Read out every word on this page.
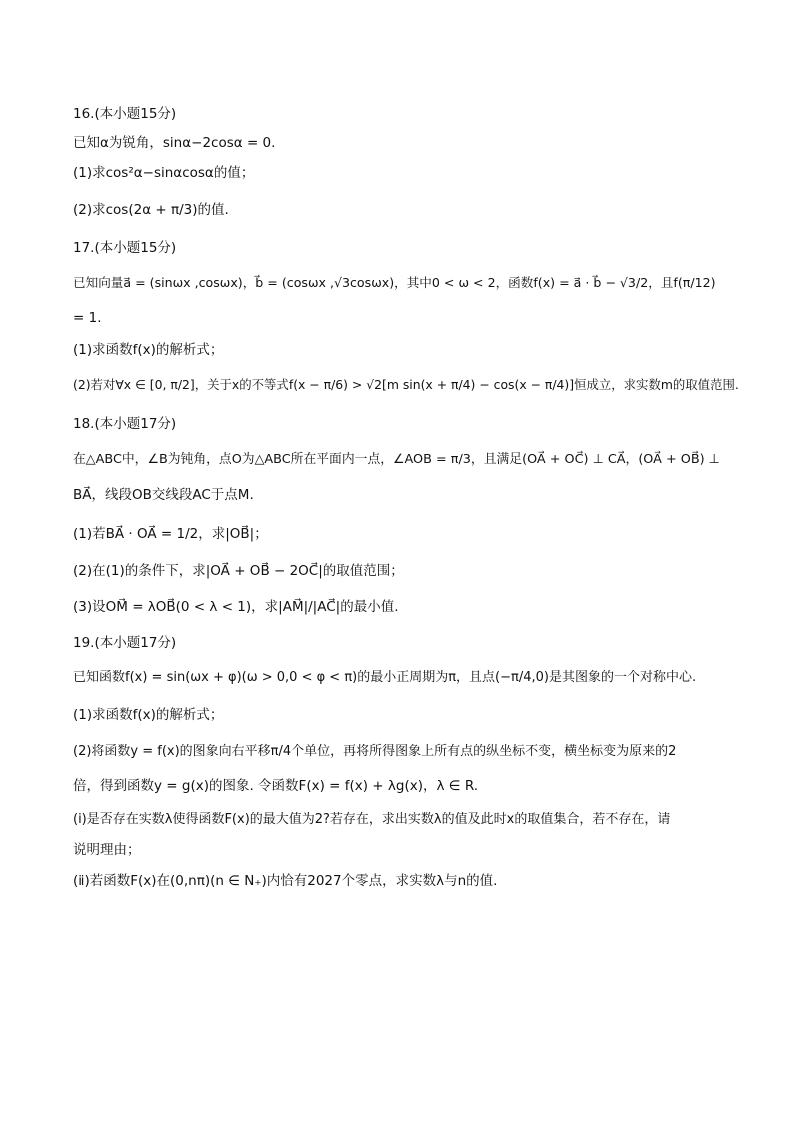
16.(本小题15分)
已知α为锐角，sinα−2cosα = 0.
(1)求cos²α−sinαcosα的值；
(2)求cos(2α + π/3)的值.
17.(本小题15分)
已知向量a⃗ = (sinωx ,cosωx)，b⃗ = (cosωx ,√3cosωx)，其中0 < ω < 2，函数f(x) = a⃗ · b⃗ − √3/2，且f(π/12)
= 1.
(1)求函数f(x)的解析式；
(2)若对∀x ∈ [0, π/2]，关于x的不等式f(x − π/6) > √2[m sin(x + π/4) − cos(x − π/4)]恒成立，求实数m的取值范围.
18.(本小题17分)
在△ABC中，∠B为钝角，点O为△ABC所在平面内一点，∠AOB = π/3，且满足(OA⃗ + OC⃗) ⊥ CA⃗，(OA⃗ + OB⃗) ⊥
BA⃗，线段OB交线段AC于点M.
(1)若BA⃗ · OA⃗ = 1/2，求|OB⃗|；
(2)在(1)的条件下，求|OA⃗ + OB⃗ − 2OC⃗|的取值范围；
(3)设OM⃗ = λOB⃗(0 < λ < 1)，求|AM⃗|/|AC⃗|的最小值.
19.(本小题17分)
已知函数f(x) = sin(ωx + φ)(ω > 0,0 < φ < π)的最小正周期为π，且点(−π/4,0)是其图象的一个对称中心.
(1)求函数f(x)的解析式；
(2)将函数y = f(x)的图象向右平移π/4个单位，再将所得图象上所有点的纵坐标不变，横坐标变为原来的2
倍，得到函数y = g(x)的图象. 令函数F(x) = f(x) + λg(x)，λ ∈ R.
(ⅰ)是否存在实数λ使得函数F(x)的最大值为2?若存在，求出实数λ的值及此时x的取值集合，若不存在，请
说明理由；
(ⅱ)若函数F(x)在(0,nπ)(n ∈ N₊)内恰有2027个零点，求实数λ与n的值.
